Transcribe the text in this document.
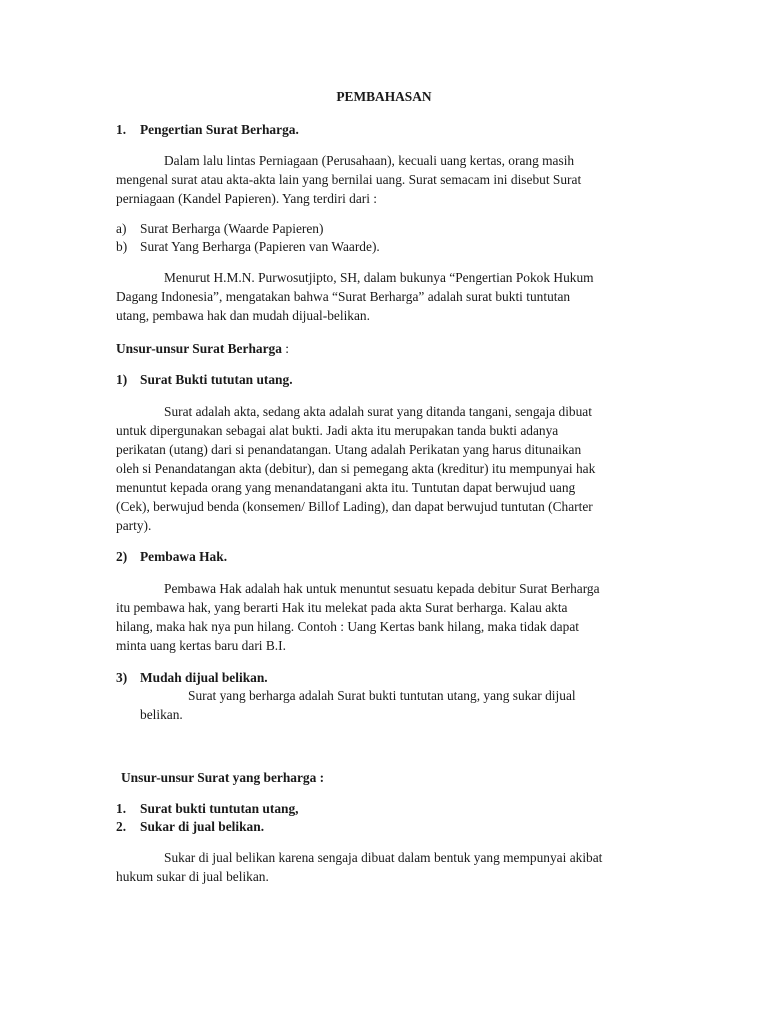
PEMBAHASAN
1. Pengertian Surat Berharga.
Dalam lalu lintas Perniagaan (Perusahaan), kecuali uang kertas, orang masih
mengenal surat atau akta-akta lain yang bernilai uang. Surat semacam ini disebut Surat
perniagaan (Kandel Papieren). Yang terdiri dari :
a) Surat Berharga (Waarde Papieren)
b) Surat Yang Berharga (Papieren van Waarde).
Menurut H.M.N. Purwosutjipto, SH, dalam bukunya “Pengertian Pokok Hukum
Dagang Indonesia”, mengatakan bahwa “Surat Berharga” adalah surat bukti tuntutan
utang, pembawa hak dan mudah dijual-belikan.
Unsur-unsur Surat Berharga :
1) Surat Bukti tututan utang.
Surat adalah akta, sedang akta adalah surat yang ditanda tangani, sengaja dibuat
untuk dipergunakan sebagai alat bukti. Jadi akta itu merupakan tanda bukti adanya
perikatan (utang) dari si penandatangan. Utang adalah Perikatan yang harus ditunaikan
oleh si Penandatangan akta (debitur), dan si pemegang akta (kreditur) itu mempunyai hak
menuntut kepada orang yang menandatangani akta itu. Tuntutan dapat berwujud uang
(Cek), berwujud benda (konsemen/ Billof Lading), dan dapat berwujud tuntutan (Charter
party).
2) Pembawa Hak.
Pembawa Hak adalah hak untuk menuntut sesuatu kepada debitur Surat Berharga
itu pembawa hak, yang berarti Hak itu melekat pada akta Surat berharga. Kalau akta
hilang, maka hak nya pun hilang. Contoh : Uang Kertas bank hilang, maka tidak dapat
minta uang kertas baru dari B.I.
3) Mudah dijual belikan.
Surat yang berharga adalah Surat bukti tuntutan utang, yang sukar dijual
belikan.
Unsur-unsur Surat yang berharga :
1. Surat bukti tuntutan utang,
2. Sukar di jual belikan.
Sukar di jual belikan karena sengaja dibuat dalam bentuk yang mempunyai akibat
hukum sukar di jual belikan.
